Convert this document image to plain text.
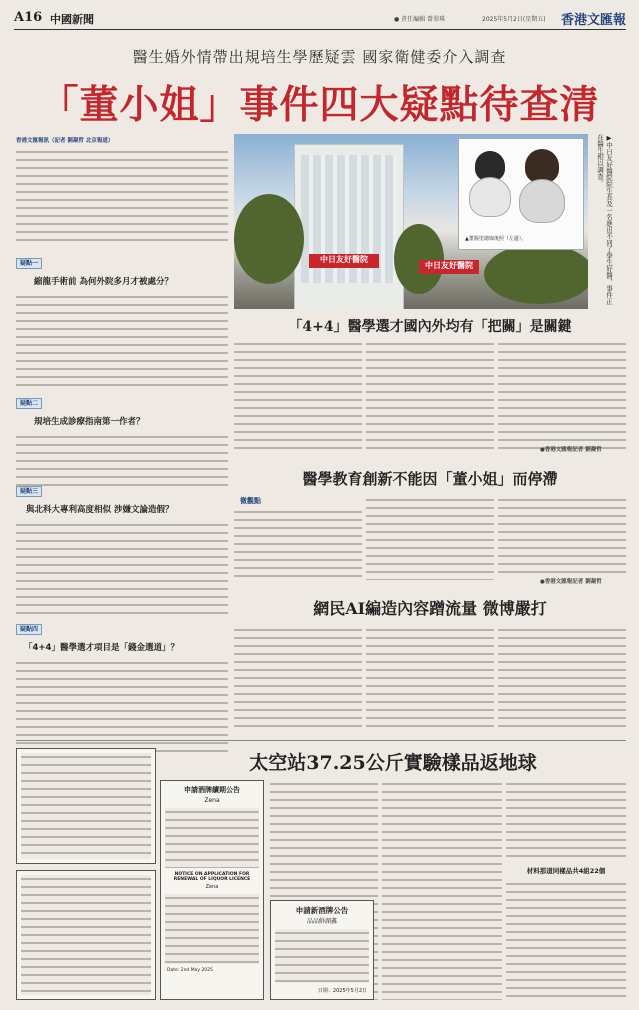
A16 中國新聞	● 責任編輯 曾翠琪	2025年5月2日(星期五) 香港文匯報
醫生婚外情帶出規培生學歷疑雲 國家衛健委介入調查
「董小姐」事件四大疑點待查清
香港文匯報訊（記者 劉凝哲 北京報道）
疑點一
縮龍手術前 為何外院多月才被處分？
疑點二
規培生成診療指南第一作者？
疑點三
與北科大專利高度相似 涉嫌文論造假？
疑點四
「4+4」醫學選才項目是「錢金選道」？
中日友好醫院
中日友好醫院
▲董醫塗總線後照（左邊）。	▶中日友好醫院院生長及一名進出不同了學生好醫，事件正在醫生相以調查。
「4+4」醫學選才國內外均有「把關」是關鍵
●香港文匯報記者 劉凝哲
醫學教育創新不能因「董小姐」而停滯
微觀點
●香港文匯報記者 劉凝哲
網民AI編造內容蹭流量 微博嚴打
太空站37.25公斤實驗樣品返地球
申請酒牌續期公告
Zena
NOTICE ON APPLICATION FOR RENEWAL OF LIQUOR LICENCE
Zena
Date: 2nd May 2025
材料那道同樣品共4組22個
申請新酒牌公告
品品鮮湖鑫
日期：2025年5月2日
